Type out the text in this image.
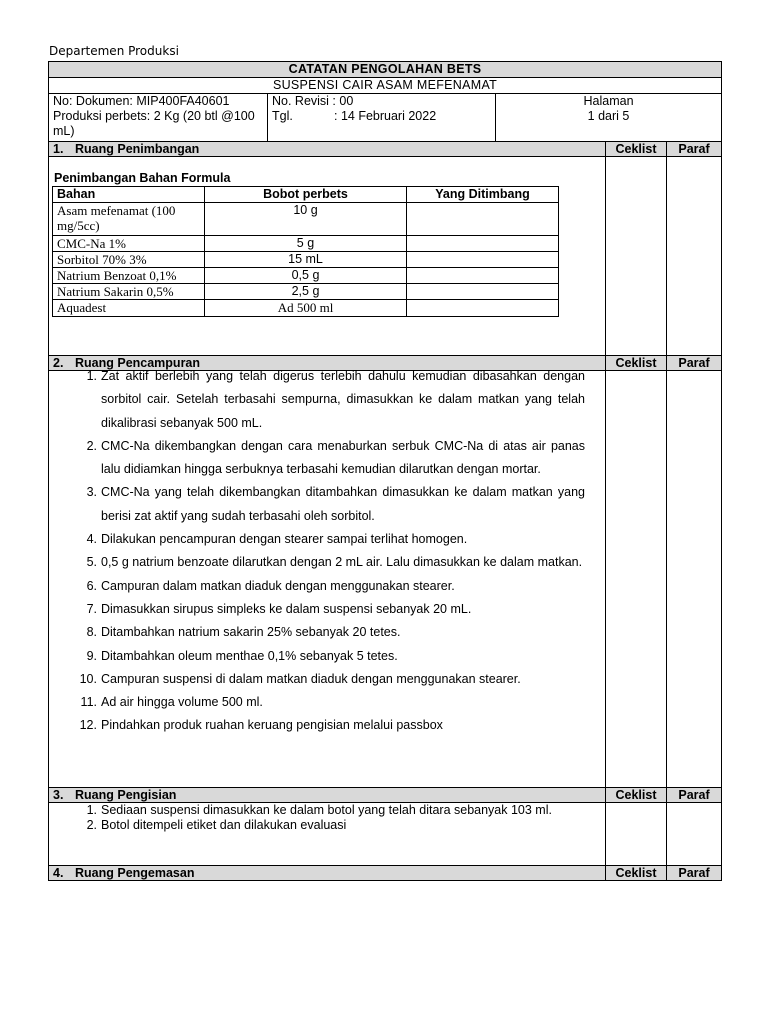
Departemen Produksi
CATATAN PENGOLAHAN BETS
SUSPENSI CAIR ASAM MEFENAMAT

No: Dokumen: MIP400FA40601
Produksi perbets: 2 Kg (20 btl @100 mL)

No. Revisi : 00
Tgl.	: 14 Februari 2022

Halaman
1 dari 5

1. Ruang Penimbangan	Ceklist	Paraf

Penimbangan Bahan Formula
Bahan	Bobot perbets	Yang Ditimbang
Asam mefenamat (100 mg/5cc)	10 g	
CMC-Na 1%	5 g	
Sorbitol 70% 3%	15 mL	
Natrium Benzoat 0,1%	0,5 g	
Natrium Sakarin 0,5%	2,5 g	
Aquadest	Ad 500 ml	

2. Ruang Pencampuran	Ceklist	Paraf

1. Zat aktif berlebih yang telah digerus terlebih dahulu kemudian dibasahkan dengan sorbitol cair. Setelah terbasahi sempurna, dimasukkan ke dalam matkan yang telah dikalibrasi sebanyak 500 mL.
2. CMC-Na dikembangkan dengan cara menaburkan serbuk CMC-Na di atas air panas lalu didiamkan hingga serbuknya terbasahi kemudian dilarutkan dengan mortar.
3. CMC-Na yang telah dikembangkan ditambahkan dimasukkan ke dalam matkan yang berisi zat aktif yang sudah terbasahi oleh sorbitol.
4. Dilakukan pencampuran dengan stearer sampai terlihat homogen.
5. 0,5 g natrium benzoate dilarutkan dengan 2 mL air. Lalu dimasukkan ke dalam matkan.
6. Campuran dalam matkan diaduk dengan menggunakan stearer.
7. Dimasukkan sirupus simpleks ke dalam suspensi sebanyak 20 mL.
8. Ditambahkan natrium sakarin 25% sebanyak 20 tetes.
9. Ditambahkan oleum menthae 0,1% sebanyak 5 tetes.
10. Campuran suspensi di dalam matkan diaduk dengan menggunakan stearer.
11. Ad air hingga volume 500 ml.
12. Pindahkan produk ruahan keruang pengisian melalui passbox

3. Ruang Pengisian	Ceklist	Paraf

1. Sediaan suspensi dimasukkan ke dalam botol yang telah ditara sebanyak 103 ml.
2. Botol ditempeli etiket dan dilakukan evaluasi

4. Ruang Pengemasan	Ceklist	Paraf
